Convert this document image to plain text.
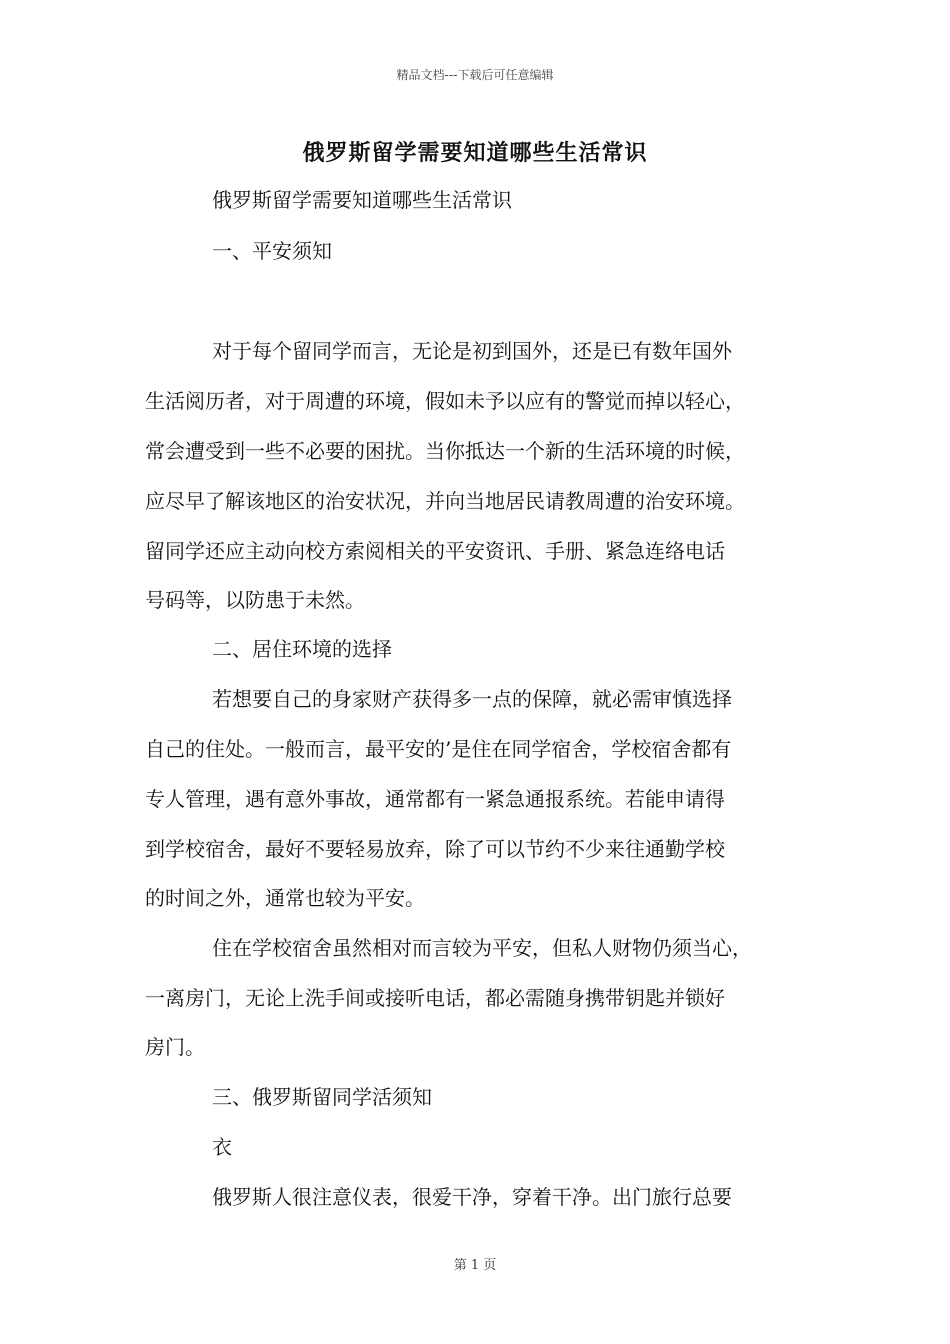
精品文档---下载后可任意编辑
俄罗斯留学需要知道哪些生活常识
俄罗斯留学需要知道哪些生活常识
一、平安须知
对于每个留同学而言，无论是初到国外，还是已有数年国外
生活阅历者，对于周遭的环境，假如未予以应有的警觉而掉以轻心，
常会遭受到一些不必要的困扰。当你抵达一个新的生活环境的时候，
应尽早了解该地区的治安状况，并向当地居民请教周遭的治安环境。
留同学还应主动向校方索阅相关的平安资讯、手册、紧急连络电话
号码等，以防患于未然。
二、居住环境的选择
若想要自己的身家财产获得多一点的保障，就必需审慎选择
自己的住处。一般而言，最平安的’是住在同学宿舍，学校宿舍都有
专人管理，遇有意外事故，通常都有一紧急通报系统。若能申请得
到学校宿舍，最好不要轻易放弃，除了可以节约不少来往通勤学校
的时间之外，通常也较为平安。
住在学校宿舍虽然相对而言较为平安，但私人财物仍须当心，
一离房门，无论上洗手间或接听电话，都必需随身携带钥匙并锁好
房门。
三、俄罗斯留同学活须知
衣
俄罗斯人很注意仪表，很爱干净，穿着干净。出门旅行总要
第 1 页
